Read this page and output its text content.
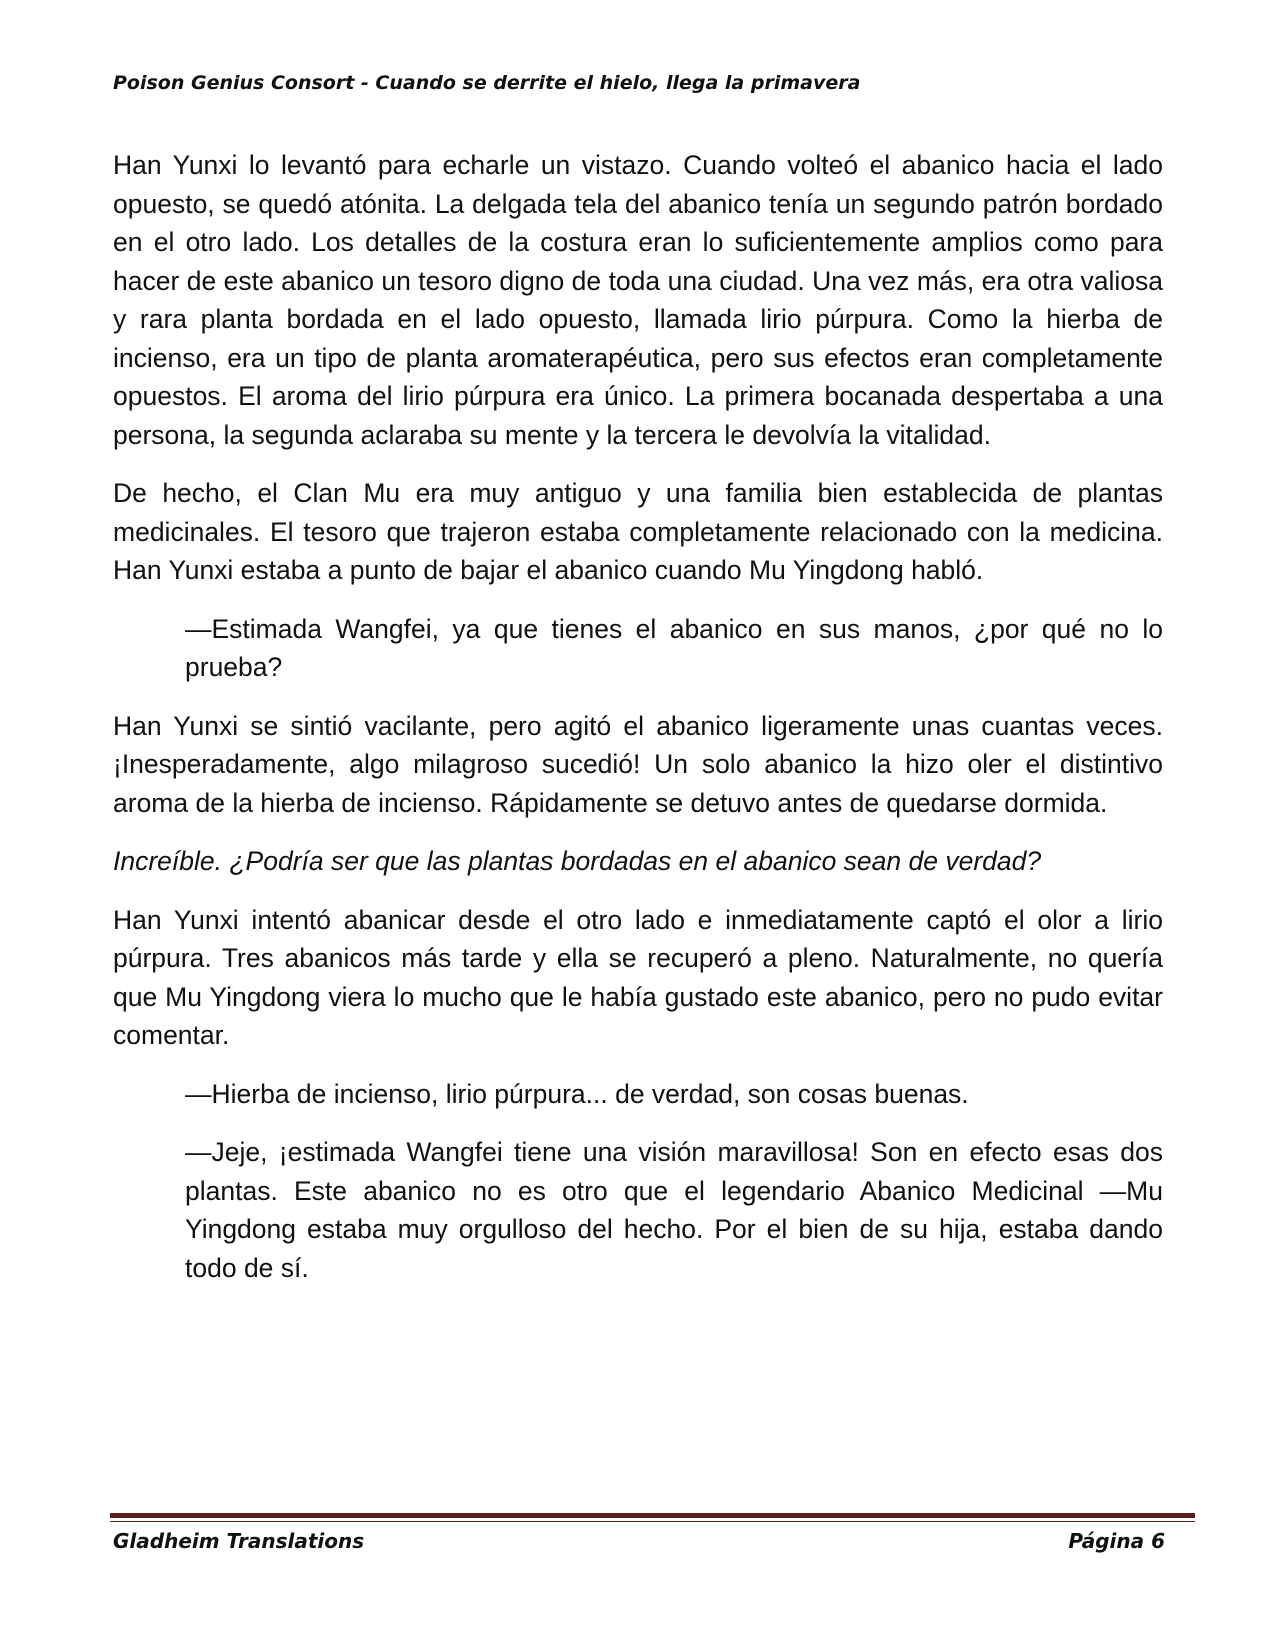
Poison Genius Consort - Cuando se derrite el hielo, llega la primavera

Han Yunxi lo levantó para echarle un vistazo. Cuando volteó el abanico hacia el lado opuesto, se quedó atónita. La delgada tela del abanico tenía un segundo patrón bordado en el otro lado. Los detalles de la costura eran lo suficientemente amplios como para hacer de este abanico un tesoro digno de toda una ciudad. Una vez más, era otra valiosa y rara planta bordada en el lado opuesto, llamada lirio púrpura. Como la hierba de incienso, era un tipo de planta aromaterapéutica, pero sus efectos eran completamente opuestos. El aroma del lirio púrpura era único. La primera bocanada despertaba a una persona, la segunda aclaraba su mente y la tercera le devolvía la vitalidad.

De hecho, el Clan Mu era muy antiguo y una familia bien establecida de plantas medicinales. El tesoro que trajeron estaba completamente relacionado con la medicina. Han Yunxi estaba a punto de bajar el abanico cuando Mu Yingdong habló.

—Estimada Wangfei, ya que tienes el abanico en sus manos, ¿por qué no lo prueba?

Han Yunxi se sintió vacilante, pero agitó el abanico ligeramente unas cuantas veces. ¡Inesperadamente, algo milagroso sucedió! Un solo abanico la hizo oler el distintivo aroma de la hierba de incienso. Rápidamente se detuvo antes de quedarse dormida.

Increíble. ¿Podría ser que las plantas bordadas en el abanico sean de verdad?

Han Yunxi intentó abanicar desde el otro lado e inmediatamente captó el olor a lirio púrpura. Tres abanicos más tarde y ella se recuperó a pleno. Naturalmente, no quería que Mu Yingdong viera lo mucho que le había gustado este abanico, pero no pudo evitar comentar.

—Hierba de incienso, lirio púrpura... de verdad, son cosas buenas.

—Jeje, ¡estimada Wangfei tiene una visión maravillosa! Son en efecto esas dos plantas. Este abanico no es otro que el legendario Abanico Medicinal —Mu Yingdong estaba muy orgulloso del hecho. Por el bien de su hija, estaba dando todo de sí.

Gladheim Translations	Página 6
